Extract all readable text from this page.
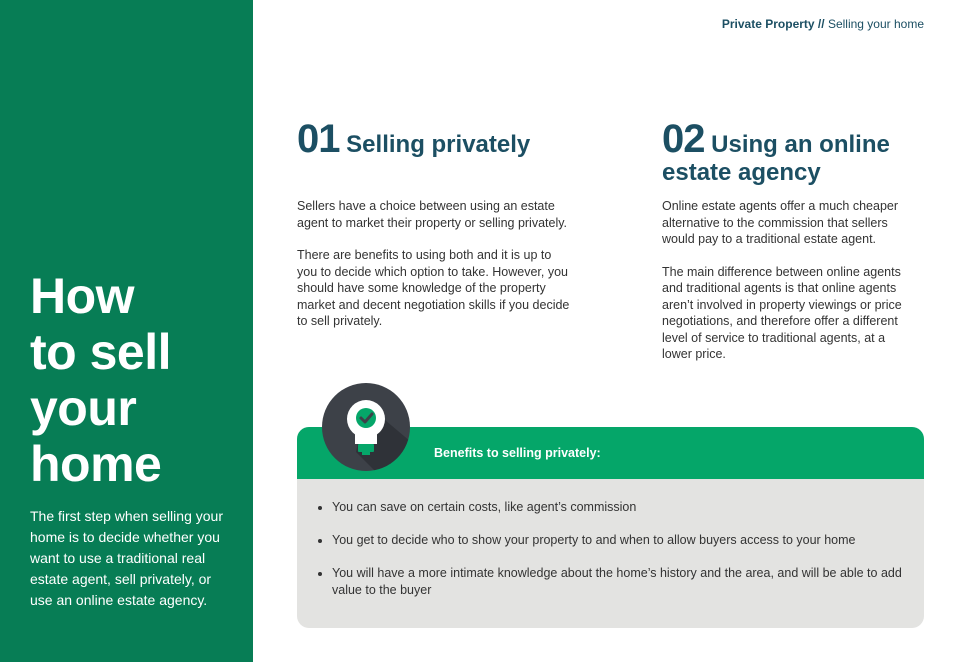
Private Property // Selling your home
How
to sell
your
home

The first step when selling your home is to decide whether you want to use a traditional real estate agent, sell privately, or use an online estate agency.

01 Selling privately

Sellers have a choice between using an estate agent to market their property or selling privately.

There are benefits to using both and it is up to you to decide which option to take. However, you should have some knowledge of the property market and decent negotiation skills if you decide to sell privately.

02 Using an online estate agency

Online estate agents offer a much cheaper alternative to the commission that sellers would pay to a traditional estate agent.

The main difference between online agents and traditional agents is that online agents aren’t involved in property viewings or price negotiations, and therefore offer a different level of service to traditional agents, at a lower price.

Benefits to selling privately:
• You can save on certain costs, like agent’s commission
• You get to decide who to show your property to and when to allow buyers access to your home
• You will have a more intimate knowledge about the home’s history and the area, and will be able to add value to the buyer
